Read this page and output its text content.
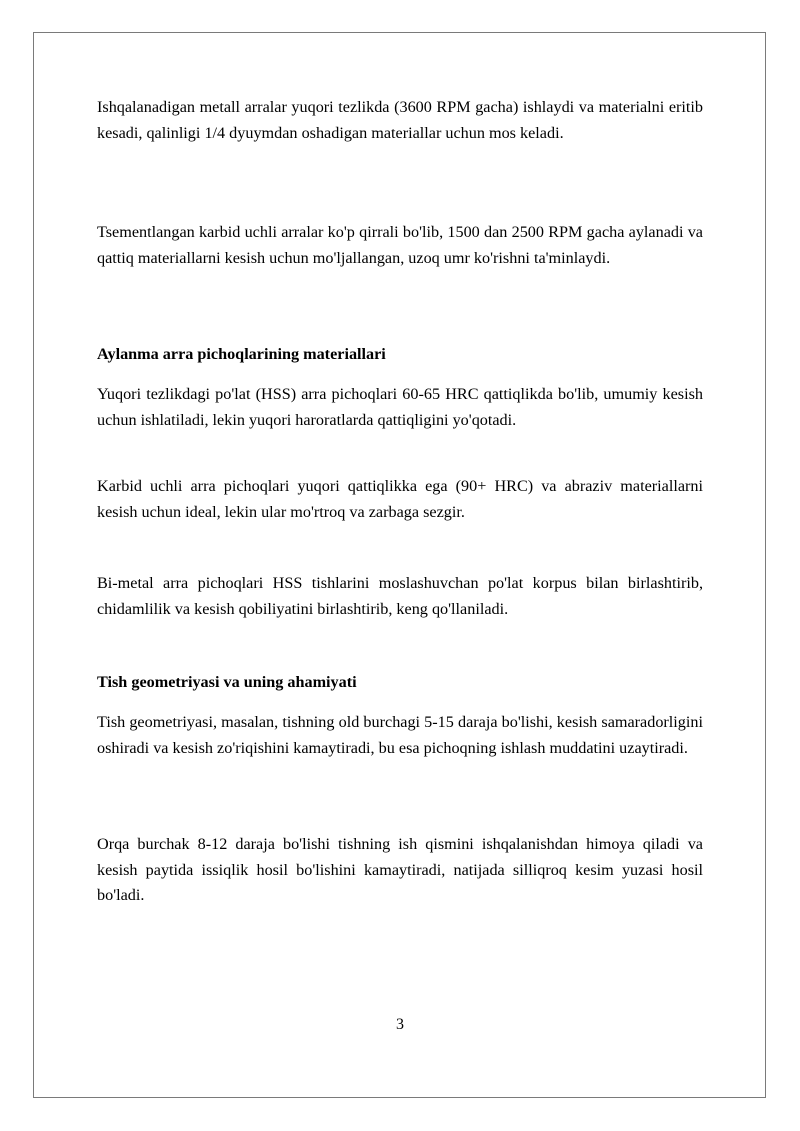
Ishqalanadigan metall arralar yuqori tezlikda (3600 RPM gacha) ishlaydi va materialni eritib kesadi, qalinligi 1/4 dyuymdan oshadigan materiallar uchun mos keladi.

Tsementlangan karbid uchli arralar ko'p qirrali bo'lib, 1500 dan 2500 RPM gacha aylanadi va qattiq materiallarni kesish uchun mo'ljallangan, uzoq umr ko'rishni ta'minlaydi.

Aylanma arra pichoqlarining materiallari

Yuqori tezlikdagi po'lat (HSS) arra pichoqlari 60-65 HRC qattiqlikda bo'lib, umumiy kesish uchun ishlatiladi, lekin yuqori haroratlarda qattiqligini yo'qotadi.

Karbid uchli arra pichoqlari yuqori qattiqlikka ega (90+ HRC) va abraziv materiallarni kesish uchun ideal, lekin ular mo'rtroq va zarbaga sezgir.

Bi-metal arra pichoqlari HSS tishlarini moslashuvchan po'lat korpus bilan birlashtirib, chidamlilik va kesish qobiliyatini birlashtirib, keng qo'llaniladi.

Tish geometriyasi va uning ahamiyati

Tish geometriyasi, masalan, tishning old burchagi 5-15 daraja bo'lishi, kesish samaradorligini oshiradi va kesish zo'riqishini kamaytiradi, bu esa pichoqning ishlash muddatini uzaytiradi.

Orqa burchak 8-12 daraja bo'lishi tishning ish qismini ishqalanishdan himoya qiladi va kesish paytida issiqlik hosil bo'lishini kamaytiradi, natijada silliqroq kesim yuzasi hosil bo'ladi.

3
